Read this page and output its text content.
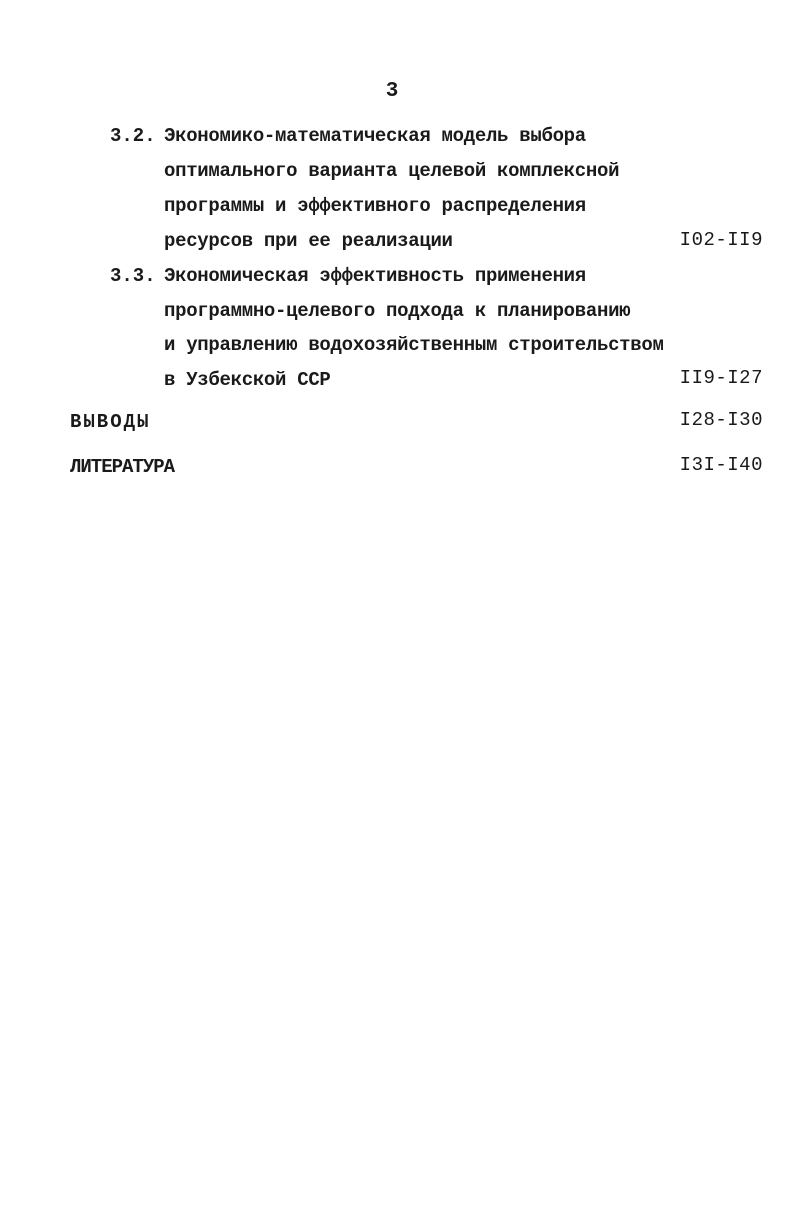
3
3.2. Экономико-математическая модель выбора
оптимального варианта целевой комплексной
программы и эффективного распределения
ресурсов при ее реализации	I02-II9
3.3. Экономическая эффективность применения
программно-целевого подхода к планированию
и управлению водохозяйственным строительством
в Узбекской ССР	II9-I27
ВЫВОДЫ	I28-I30
ЛИТЕРАТУРА	I3I-I40
